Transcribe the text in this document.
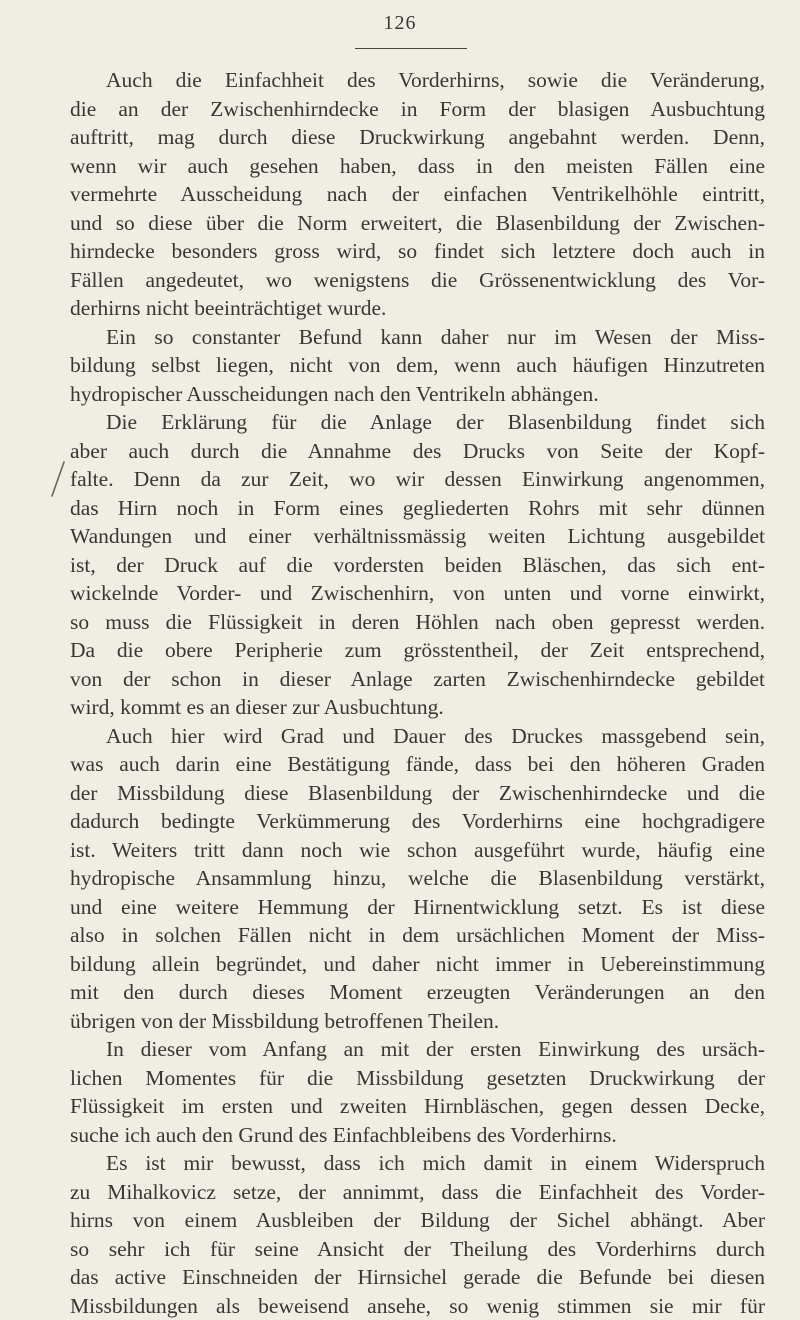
126
Auch die Einfachheit des Vorderhirns, sowie die Veränderung,
die an der Zwischenhirndecke in Form der blasigen Ausbuchtung
auftritt, mag durch diese Druckwirkung angebahnt werden. Denn,
wenn wir auch gesehen haben, dass in den meisten Fällen eine
vermehrte Ausscheidung nach der einfachen Ventrikelhöhle eintritt,
und so diese über die Norm erweitert, die Blasenbildung der Zwischen-
hirndecke besonders gross wird, so findet sich letztere doch auch in
Fällen angedeutet, wo wenigstens die Grössenentwicklung des Vor-
derhirns nicht beeinträchtiget wurde.
Ein so constanter Befund kann daher nur im Wesen der Miss-
bildung selbst liegen, nicht von dem, wenn auch häufigen Hinzutreten
hydropischer Ausscheidungen nach den Ventrikeln abhängen.
Die Erklärung für die Anlage der Blasenbildung findet sich
aber auch durch die Annahme des Drucks von Seite der Kopf-
falte. Denn da zur Zeit, wo wir dessen Einwirkung angenommen,
das Hirn noch in Form eines gegliederten Rohrs mit sehr dünnen
Wandungen und einer verhältnissmässig weiten Lichtung ausgebildet
ist, der Druck auf die vordersten beiden Bläschen, das sich ent-
wickelnde Vorder- und Zwischenhirn, von unten und vorne einwirkt,
so muss die Flüssigkeit in deren Höhlen nach oben gepresst werden.
Da die obere Peripherie zum grösstentheil, der Zeit entsprechend,
von der schon in dieser Anlage zarten Zwischenhirndecke gebildet
wird, kommt es an dieser zur Ausbuchtung.
Auch hier wird Grad und Dauer des Druckes massgebend sein,
was auch darin eine Bestätigung fände, dass bei den höheren Graden
der Missbildung diese Blasenbildung der Zwischenhirndecke und die
dadurch bedingte Verkümmerung des Vorderhirns eine hochgradigere
ist. Weiters tritt dann noch wie schon ausgeführt wurde, häufig eine
hydropische Ansammlung hinzu, welche die Blasenbildung verstärkt,
und eine weitere Hemmung der Hirnentwicklung setzt. Es ist diese
also in solchen Fällen nicht in dem ursächlichen Moment der Miss-
bildung allein begründet, und daher nicht immer in Uebereinstimmung
mit den durch dieses Moment erzeugten Veränderungen an den
übrigen von der Missbildung betroffenen Theilen.
In dieser vom Anfang an mit der ersten Einwirkung des ursäch-
lichen Momentes für die Missbildung gesetzten Druckwirkung der
Flüssigkeit im ersten und zweiten Hirnbläschen, gegen dessen Decke,
suche ich auch den Grund des Einfachbleibens des Vorderhirns.
Es ist mir bewusst, dass ich mich damit in einem Widerspruch
zu Mihalkovicz setze, der annimmt, dass die Einfachheit des Vorder-
hirns von einem Ausbleiben der Bildung der Sichel abhängt. Aber
so sehr ich für seine Ansicht der Theilung des Vorderhirns durch
das active Einschneiden der Hirnsichel gerade die Befunde bei diesen
Missbildungen als beweisend ansehe, so wenig stimmen sie mir für
